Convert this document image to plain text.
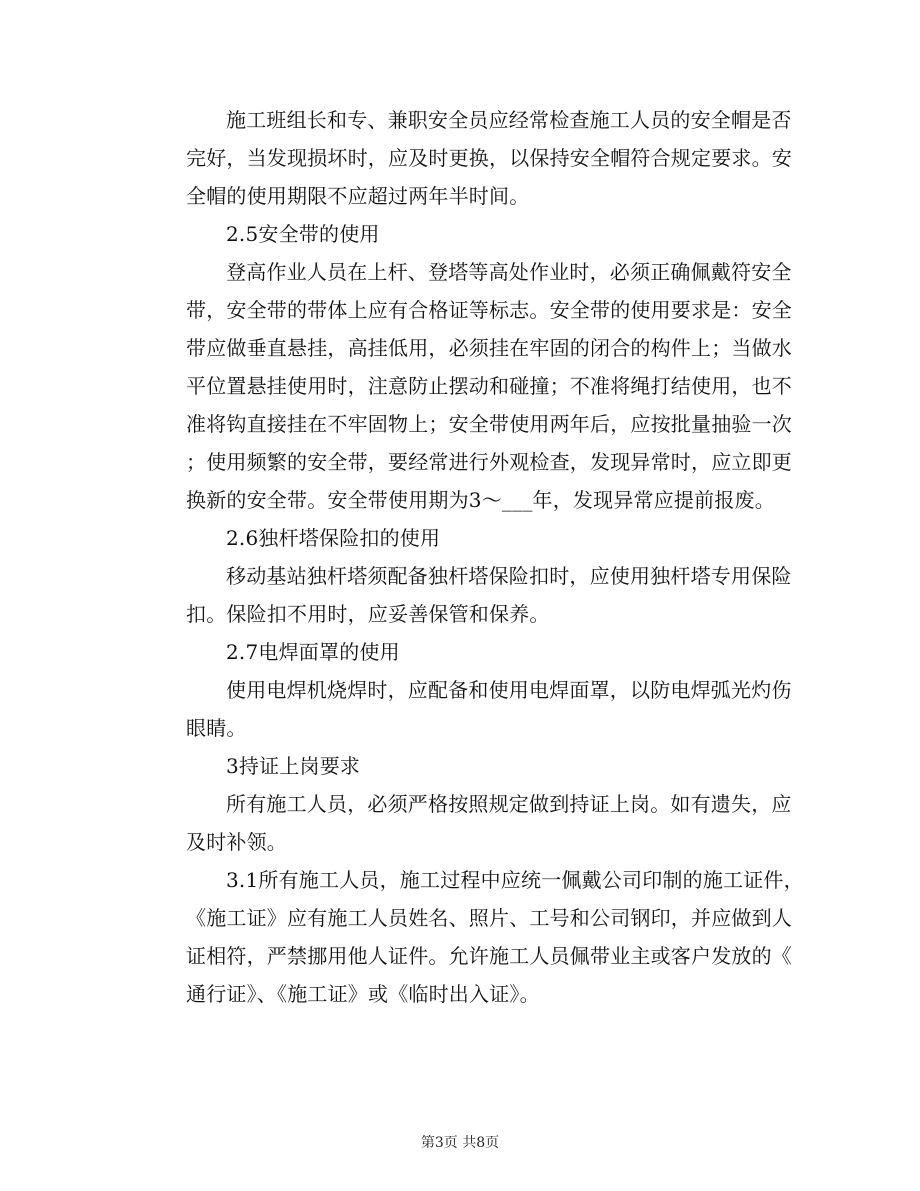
施工班组长和专、兼职安全员应经常检查施工人员的安全帽是否
完好，当发现损坏时，应及时更换，以保持安全帽符合规定要求。安
全帽的使用期限不应超过两年半时间。

2.5安全带的使用

登高作业人员在上杆、登塔等高处作业时，必须正确佩戴符安全
带，安全带的带体上应有合格证等标志。安全带的使用要求是：安全
带应做垂直悬挂，高挂低用，必须挂在牢固的闭合的构件上；当做水
平位置悬挂使用时，注意防止摆动和碰撞；不准将绳打结使用，也不
准将钩直接挂在不牢固物上；安全带使用两年后，应按批量抽验一次
；使用频繁的安全带，要经常进行外观检查，发现异常时，应立即更
换新的安全带。安全带使用期为3～___年，发现异常应提前报废。

2.6独杆塔保险扣的使用

移动基站独杆塔须配备独杆塔保险扣时，应使用独杆塔专用保险
扣。保险扣不用时，应妥善保管和保养。

2.7电焊面罩的使用

使用电焊机烧焊时，应配备和使用电焊面罩，以防电焊弧光灼伤
眼睛。

3持证上岗要求

所有施工人员，必须严格按照规定做到持证上岗。如有遗失，应
及时补领。

3.1所有施工人员，施工过程中应统一佩戴公司印制的施工证件，
《施工证》应有施工人员姓名、照片、工号和公司钢印，并应做到人
证相符，严禁挪用他人证件。允许施工人员佩带业主或客户发放的《
通行证》、《施工证》或《临时出入证》。

第3页 共8页
